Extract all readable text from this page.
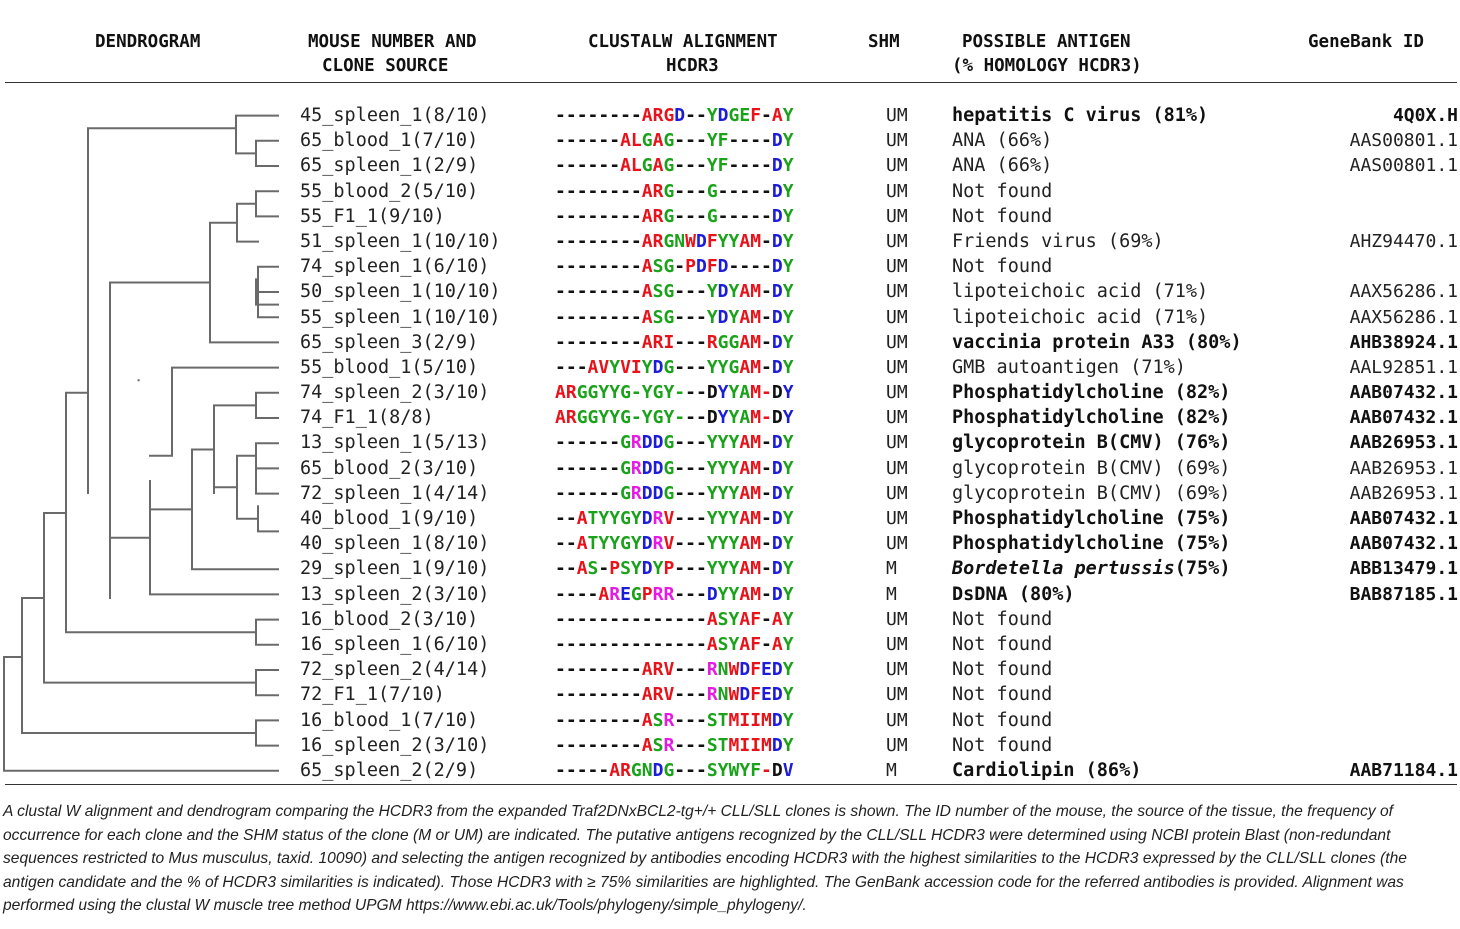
DENDROGRAM	MOUSE NUMBER AND
CLONE SOURCE
CLUSTALW ALIGNMENT
HCDR3
SHM	POSSIBLE ANTIGEN
(% HOMOLOGY HCDR3)
GeneBank ID
45_spleen_1(8/10)	--------ARGD--YDGEF-AY	UM hepatitis C virus (81%)	4Q0X.H
65_blood_1(7/10)	------ALGAG---YF----DY	UM ANA (66%)	AAS00801.1
65_spleen_1(2/9)	------ALGAG---YF----DY	UM ANA (66%)	AAS00801.1
55_blood_2(5/10)	--------ARG---G-----DY	UM Not found
55_F1_1(9/10)	--------ARG---G-----DY	UM Not found
51_spleen_1(10/10)	--------ARGNWDFYYAM-DY	UM Friends virus (69%)	AHZ94470.1
74_spleen_1(6/10)	--------ASG-PDFD----DY	UM Not found
50_spleen_1(10/10)	--------ASG---YDYAM-DY	UM lipoteichoic acid (71%)	AAX56286.1
55_spleen_1(10/10)	--------ASG---YDYAM-DY	UM lipoteichoic acid (71%)	AAX56286.1
65_spleen_3(2/9)	--------ARI---RGGAM-DY	UM vaccinia protein A33 (80%)	AHB38924.1
55_blood_1(5/10)	---AVYVIYDG---YYGAM-DY	UM GMB autoantigen (71%)	AAL92851.1
74_spleen_2(3/10)	ARGGYYG-YGY---DYYAM-DY	UM Phosphatidylcholine (82%)	AAB07432.1
74_F1_1(8/8)	ARGGYYG-YGY---DYYAM-DY	UM Phosphatidylcholine (82%)	AAB07432.1
13_spleen_1(5/13)	------GRDDG---YYYAM-DY	UM glycoprotein B(CMV) (76%)	AAB26953.1
65_blood_2(3/10)	------GRDDG---YYYAM-DY	UM glycoprotein B(CMV) (69%)	AAB26953.1
72_spleen_1(4/14)	------GRDDG---YYYAM-DY	UM glycoprotein B(CMV) (69%)	AAB26953.1
40_blood_1(9/10)	--ATYYGYDRV---YYYAM-DY	UM Phosphatidylcholine (75%)	AAB07432.1
40_spleen_1(8/10)	--ATYYGYDRV---YYYAM-DY	UM Phosphatidylcholine (75%)	AAB07432.1
29_spleen_1(9/10)	--AS-PSYDYP---YYYAM-DY	M	Bordetella pertussis(75%)	ABB13479.1
13_spleen_2(3/10)	----AREGPRR---DYYAM-DY	M	DsDNA (80%)	BAB87185.1
16_blood_2(3/10)	--------------ASYAF-AY	UM Not found
16_spleen_1(6/10)	--------------ASYAF-AY	UM Not found
72_spleen_2(4/14)	--------ARV---RNWDFEDY	UM Not found
72_F1_1(7/10)	--------ARV---RNWDFEDY	UM Not found
16_blood_1(7/10)	--------ASR---STMIIMDY	UM Not found
16_spleen_2(3/10)	--------ASR---STMIIMDY	UM Not found
65_spleen_2(2/9)	-----ARGNDG---SYWYF-DV	M	Cardiolipin (86%)	AAB71184.1
A clustal W alignment and dendrogram comparing the HCDR3 from the expanded Traf2DNxBCL2-tg+/+ CLL/SLL clones is shown. The ID number of the mouse, the source of the tissue, the frequency of occurrence for each clone and the SHM status of the clone (M or UM) are indicated. The putative antigens recognized by the CLL/SLL HCDR3 were determined using NCBI protein Blast (non-redundant sequences restricted to Mus musculus, taxid. 10090) and selecting the antigen recognized by antibodies encoding HCDR3 with the highest similarities to the HCDR3 expressed by the CLL/SLL clones (the antigen candidate and the % of HCDR3 similarities is indicated). Those HCDR3 with ≥ 75% similarities are highlighted. The GenBank accession code for the referred antibodies is provided. Alignment was performed using the clustal W muscle tree method UPGM https://www.ebi.ac.uk/Tools/phylogeny/simple_phylogeny/.
